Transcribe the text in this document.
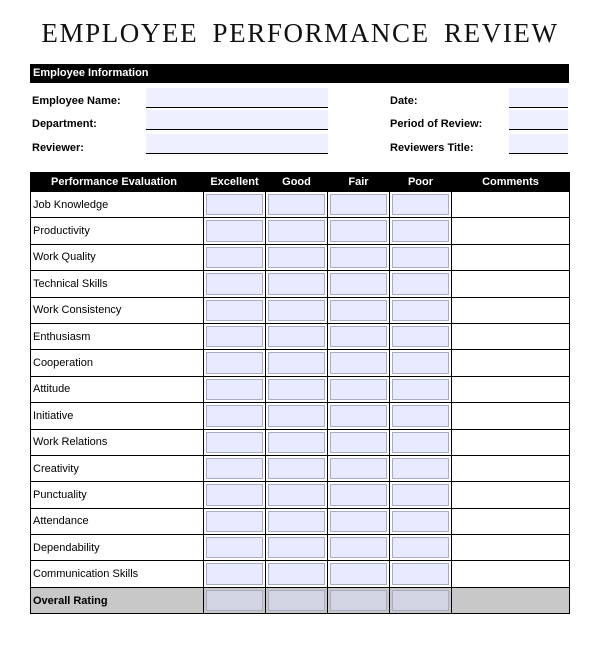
EMPLOYEE PERFORMANCE REVIEW
Employee Information
Employee Name:
Department:
Reviewer:
Date:
Period of Review:
Reviewers Title:
Performance Evaluation	Excellent	Good	Fair	Poor	Comments
Job Knowledge	

Productivity	

Work Quality	

Technical Skills	

Work Consistency	

Enthusiasm	

Cooperation	

Attitude	

Initiative	

Work Relations	

Creativity	

Punctuality	

Attendance	

Dependability	

Communication Skills	

Overall Rating	
